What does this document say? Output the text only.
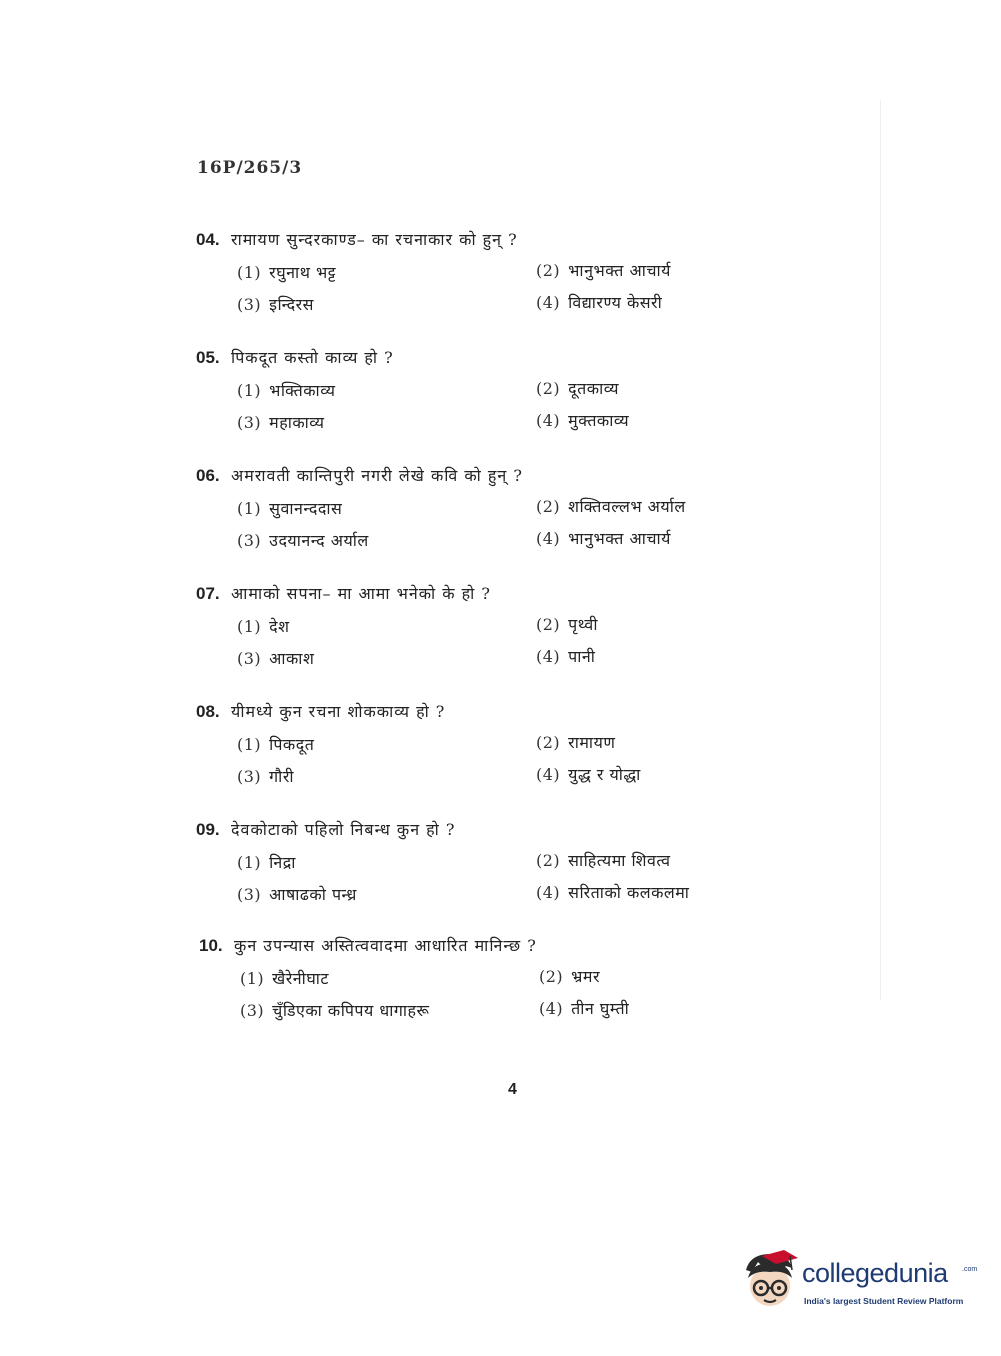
16P/265/3
04. रामायण सुन्दरकाण्ड– का रचनाकार को हुन् ?
(1) रघुनाथ भट्ट	(2) भानुभक्त आचार्य
(3) इन्दिरस	(4) विद्यारण्य केसरी
05. पिकदूत कस्तो काव्य हो ?
(1) भक्तिकाव्य	(2) दूतकाव्य
(3) महाकाव्य	(4) मुक्तकाव्य
06. अमरावती कान्तिपुरी नगरी लेखे कवि को हुन् ?
(1) सुवानन्ददास	(2) शक्तिवल्लभ अर्याल
(3) उदयानन्द अर्याल	(4) भानुभक्त आचार्य
07. आमाको सपना– मा आमा भनेको के हो ?
(1) देश	(2) पृथ्वी
(3) आकाश	(4) पानी
08. यीमध्ये कुन रचना शोककाव्य हो ?
(1) पिकदूत	(2) रामायण
(3) गौरी	(4) युद्ध र योद्धा
09. देवकोटाको पहिलो निबन्ध कुन हो ?
(1) निद्रा	(2) साहित्यमा शिवत्व
(3) आषाढको पन्ध्र	(4) सरिताको कलकलमा
10. कुन उपन्यास अस्तित्ववादमा आधारित मानिन्छ ?
(1) खैरेनीघाट	(2) भ्रमर
(3) चुँडिएका कपिपय धागाहरू	(4) तीन घुम्ती
4
collegedunia .com
India's largest Student Review Platform
